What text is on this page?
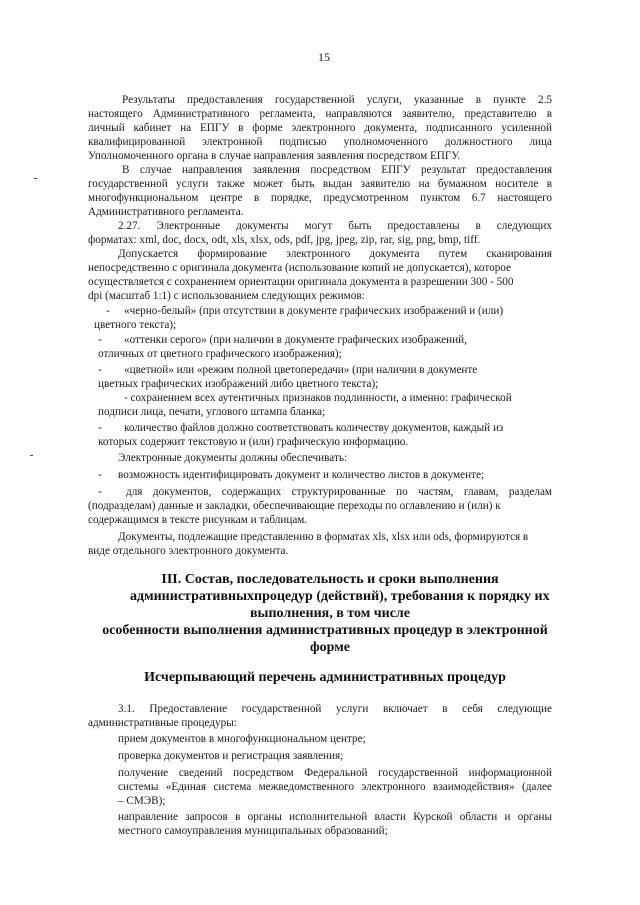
15
Результаты предоставления государственной услуги, указанные в пункте 2.5
настоящего Административного регламента, направляются заявителю, представителю в
личный кабинет на ЕПГУ в форме электронного документа, подписанного усиленной
квалифицированной электронной подписью уполномоченного должностного лица
Уполномоченного органа в случае направления заявления посредством ЕПГУ.
В случае направления заявления посредством ЕПГУ результат предоставления
государственной услуги также может быть выдан заявителю на бумажном носителе в
многофункциональном центре в порядке, предусмотренном пунктом 6.7 настоящего
Административного регламента.
2.27. Электронные документы могут быть предоставлены в следующих
форматах: xml, doc, docx, odt, xls, xlsx, ods, pdf, jpg, jpeg, zip, rar, sig, png, bmp, tiff.
Допускается формирование электронного документа путем сканирования
непосредственно с оригинала документа (использование копий не допускается), которое
осуществляется с сохранением ориентации оригинала документа в разрешении 300 - 500
dpi (масштаб 1:1) с использованием следующих режимов:
- «черно-белый» (при отсутствии в документе графических изображений и (или)
цветного текста);
- «оттенки серого» (при наличии в документе графических изображений,
отличных от цветного графического изображения);
- «цветной» или «режим полной цветопередачи» (при наличии в документе
цветных графических изображений либо цветного текста);
- сохранением всех аутентичных признаков подлинности, а именно: графической
подписи лица, печати, углового штампа бланка;
- количество файлов должно соответствовать количеству документов, каждый из
которых содержит текстовую и (или) графическую информацию.
Электронные документы должны обеспечивать:
- возможность идентифицировать документ и количество листов в документе;
- для документов, содержащих структурированные по частям, главам, разделам
(подразделам) данные и закладки, обеспечивающие переходы по оглавлению и (или) к
содержащимся в тексте рисункам и таблицам.
Документы, подлежащие представлению в форматах xls, xlsx или ods, формируются в
виде отдельного электронного документа.
III. Состав, последовательность и сроки выполнения
административныхпроцедур (действий), требования к порядку их
выполнения, в том числе
особенности выполнения административных процедур в электронной
форме
Исчерпывающий перечень административных процедур
3.1. Предоставление государственной услуги включает в себя следующие
административные процедуры:
прием документов в многофункциональном центре;
проверка документов и регистрация заявления;
получение сведений посредством Федеральной государственной информационной
системы «Единая система межведомственного электронного взаимодействия» (далее
– СМЭВ);
направление запросов в органы исполнительной власти Курской области и органы
местного самоуправления муниципальных образований;
